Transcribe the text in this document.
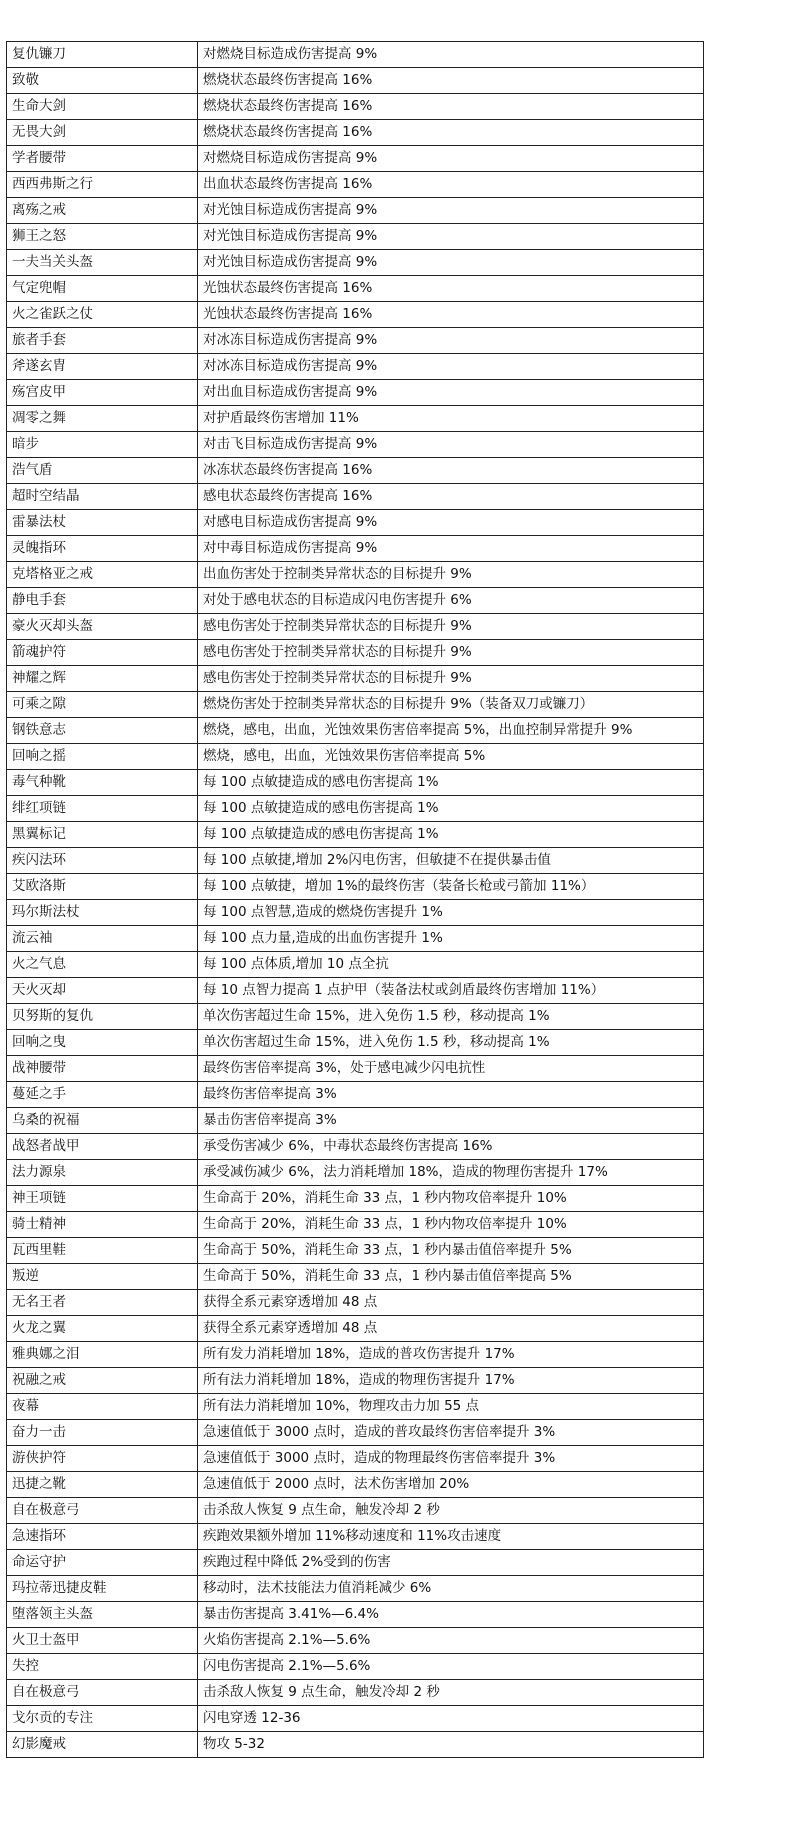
复仇镰刀	对燃烧目标造成伤害提高 9%
致敬	燃烧状态最终伤害提高 16%
生命大剑	燃烧状态最终伤害提高 16%
无畏大剑	燃烧状态最终伤害提高 16%
学者腰带	对燃烧目标造成伤害提高 9%
西西弗斯之行	出血状态最终伤害提高 16%
离殇之戒	对光蚀目标造成伤害提高 9%
狮王之怒	对光蚀目标造成伤害提高 9%
一夫当关头盔	对光蚀目标造成伤害提高 9%
气定兜帽	光蚀状态最终伤害提高 16%
火之雀跃之仗	光蚀状态最终伤害提高 16%
旅者手套	对冰冻目标造成伤害提高 9%
斧遂玄胄	对冰冻目标造成伤害提高 9%
殇宫皮甲	对出血目标造成伤害提高 9%
凋零之舞	对护盾最终伤害增加 11%
暗步	对击飞目标造成伤害提高 9%
浩气盾	冰冻状态最终伤害提高 16%
超时空结晶	感电状态最终伤害提高 16%
雷暴法杖	对感电目标造成伤害提高 9%
灵魄指环	对中毒目标造成伤害提高 9%
克塔格亚之戒	出血伤害处于控制类异常状态的目标提升 9%
静电手套	对处于感电状态的目标造成闪电伤害提升 6%
豪火灭却头盔	感电伤害处于控制类异常状态的目标提升 9%
箭魂护符	感电伤害处于控制类异常状态的目标提升 9%
神耀之辉	感电伤害处于控制类异常状态的目标提升 9%
可乘之隙	燃烧伤害处于控制类异常状态的目标提升 9%（装备双刀或镰刀）
钢铁意志	燃烧，感电，出血，光蚀效果伤害倍率提高 5%，出血控制异常提升 9%
回响之摇	燃烧，感电，出血，光蚀效果伤害倍率提高 5%
毒气种靴	每 100 点敏捷造成的感电伤害提高 1%
绯红项链	每 100 点敏捷造成的感电伤害提高 1%
黑翼标记	每 100 点敏捷造成的感电伤害提高 1%
疾闪法环	每 100 点敏捷,增加 2%闪电伤害，但敏捷不在提供暴击值
艾欧洛斯	每 100 点敏捷，增加 1%的最终伤害（装备长枪或弓箭加 11%）
玛尔斯法杖	每 100 点智慧,造成的燃烧伤害提升 1%
流云袖	每 100 点力量,造成的出血伤害提升 1%
火之气息	每 100 点体质,增加 10 点全抗
天火灭却	每 10 点智力提高 1 点护甲（装备法杖或剑盾最终伤害增加 11%）
贝努斯的复仇	单次伤害超过生命 15%，进入免伤 1.5 秒，移动提高 1%
回响之曳	单次伤害超过生命 15%，进入免伤 1.5 秒，移动提高 1%
战神腰带	最终伤害倍率提高 3%，处于感电减少闪电抗性
蔓延之手	最终伤害倍率提高 3%
乌桑的祝福	暴击伤害倍率提高 3%
战怒者战甲	承受伤害减少 6%，中毒状态最终伤害提高 16%
法力源泉	承受减伤减少 6%，法力消耗增加 18%，造成的物理伤害提升 17%
神王项链	生命高于 20%，消耗生命 33 点，1 秒内物攻倍率提升 10%
骑士精神	生命高于 20%，消耗生命 33 点，1 秒内物攻倍率提升 10%
瓦西里鞋	生命高于 50%，消耗生命 33 点，1 秒内暴击值倍率提升 5%
叛逆	生命高于 50%，消耗生命 33 点，1 秒内暴击值倍率提高 5%
无名王者	获得全系元素穿透增加 48 点
火龙之翼	获得全系元素穿透增加 48 点
雅典娜之泪	所有发力消耗增加 18%，造成的普攻伤害提升 17%
祝融之戒	所有法力消耗增加 18%，造成的物理伤害提升 17%
夜幕	所有法力消耗增加 10%，物理攻击力加 55 点
奋力一击	急速值低于 3000 点时，造成的普攻最终伤害倍率提升 3%
游侠护符	急速值低于 3000 点时，造成的物理最终伤害倍率提升 3%
迅捷之靴	急速值低于 2000 点时，法术伤害增加 20%
自在极意弓	击杀敌人恢复 9 点生命，触发冷却 2 秒
急速指环	疾跑效果额外增加 11%移动速度和 11%攻击速度
命运守护	疾跑过程中降低 2%受到的伤害
玛拉蒂迅捷皮鞋	移动时，法术技能法力值消耗减少 6%
堕落领主头盔	暴击伤害提高 3.41%—6.4%
火卫士盔甲	火焰伤害提高 2.1%—5.6%
失控	闪电伤害提高 2.1%—5.6%
自在极意弓	击杀敌人恢复 9 点生命，触发冷却 2 秒
戈尔贡的专注	闪电穿透 12-36
幻影魔戒	物攻 5-32
